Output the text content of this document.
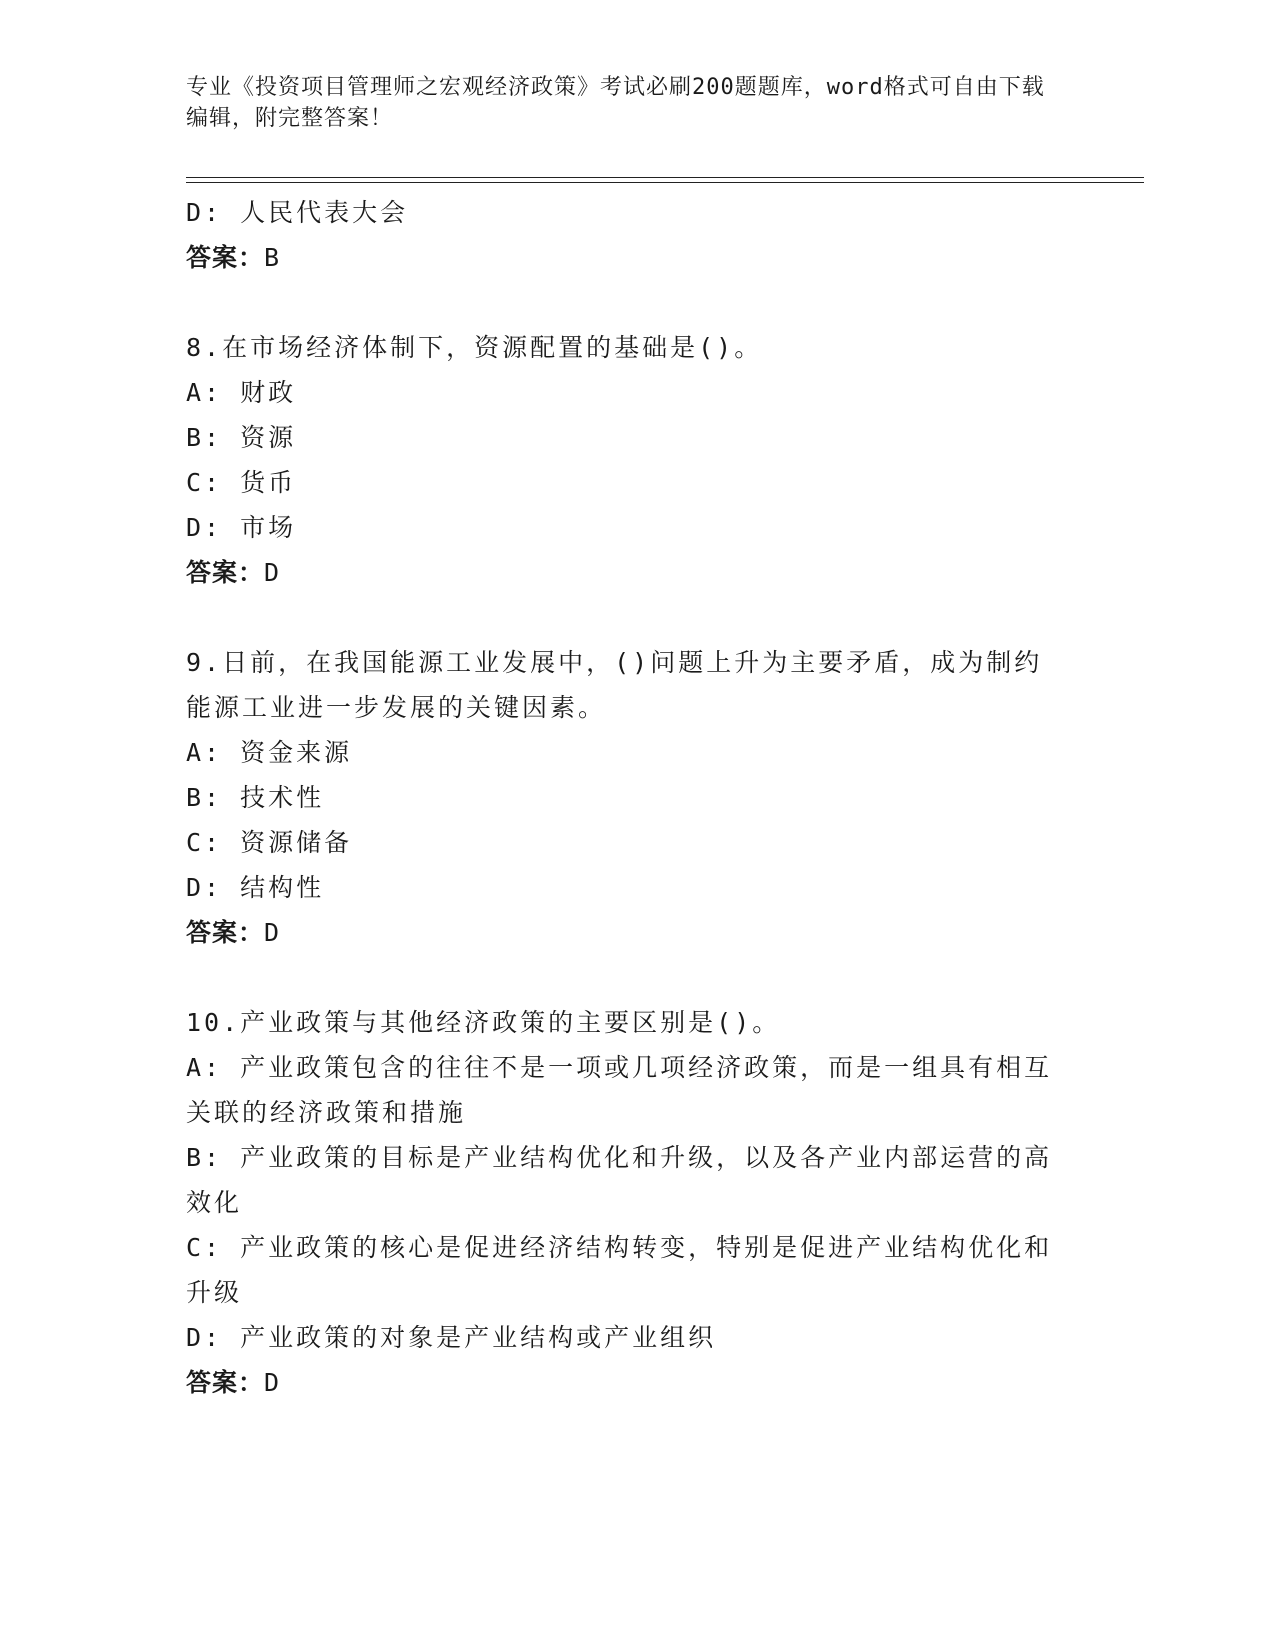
专业《投资项目管理师之宏观经济政策》考试必刷200题题库，word格式可自由下载编辑，附完整答案！
D: 人民代表大会
答案：B
8.在市场经济体制下，资源配置的基础是()。
A: 财政
B: 资源
C: 货币
D: 市场
答案：D
9.日前，在我国能源工业发展中，()问题上升为主要矛盾，成为制约能源工业进一步发展的关键因素。
A: 资金来源
B: 技术性
C: 资源储备
D: 结构性
答案：D
10.产业政策与其他经济政策的主要区别是()。
A: 产业政策包含的往往不是一项或几项经济政策，而是一组具有相互关联的经济政策和措施
B: 产业政策的目标是产业结构优化和升级，以及各产业内部运营的高效化
C: 产业政策的核心是促进经济结构转变，特别是促进产业结构优化和升级
D: 产业政策的对象是产业结构或产业组织
答案：D
